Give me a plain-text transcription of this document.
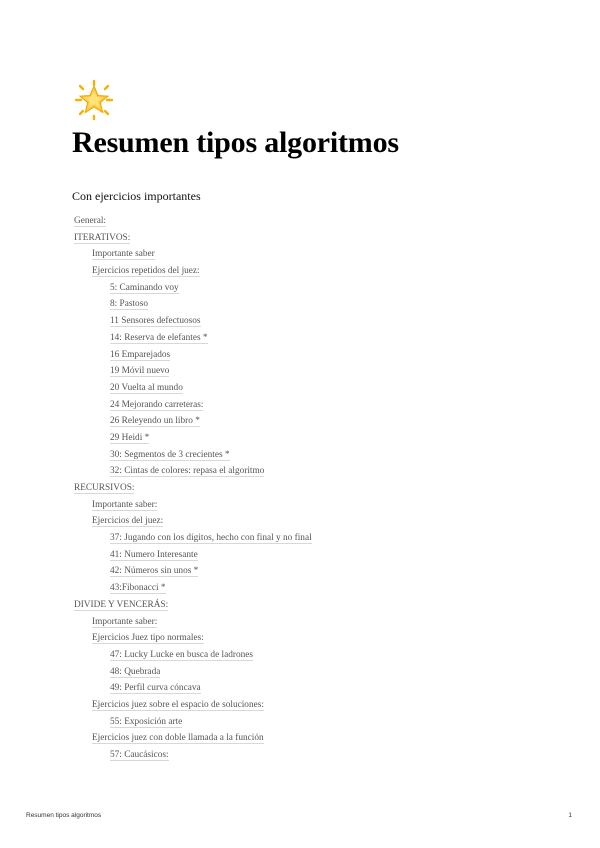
Resumen tipos algoritmos
Con ejercicios importantes
General:
ITERATIVOS:
Importante saber
Ejercicios repetidos del juez:
5: Caminando voy
8: Pastoso
11 Sensores defectuosos
14: Reserva de elefantes *
16 Emparejados
19 Móvil nuevo
20 Vuelta al mundo
24 Mejorando carreteras:
26 Releyendo un libro *
29 Heidi *
30: Segmentos de 3 crecientes *
32: Cintas de colores: repasa el algoritmo
RECURSIVOS:
Importante saber:
Ejercicios del juez:
37: Jugando con los dígitos, hecho con final y no final
41: Numero Interesante
42: Números sin unos *
43:Fibonacci *
DIVIDE Y VENCERÁS:
Importante saber:
Ejercicios Juez tipo normales:
47: Lucky Lucke en busca de ladrones
48: Quebrada
49: Perfil curva cóncava
Ejercicios juez sobre el espacio de soluciones:
55: Exposición arte
Ejercicios juez con doble llamada a la función
57: Caucásicos:
Resumen tipos algoritmos	1
